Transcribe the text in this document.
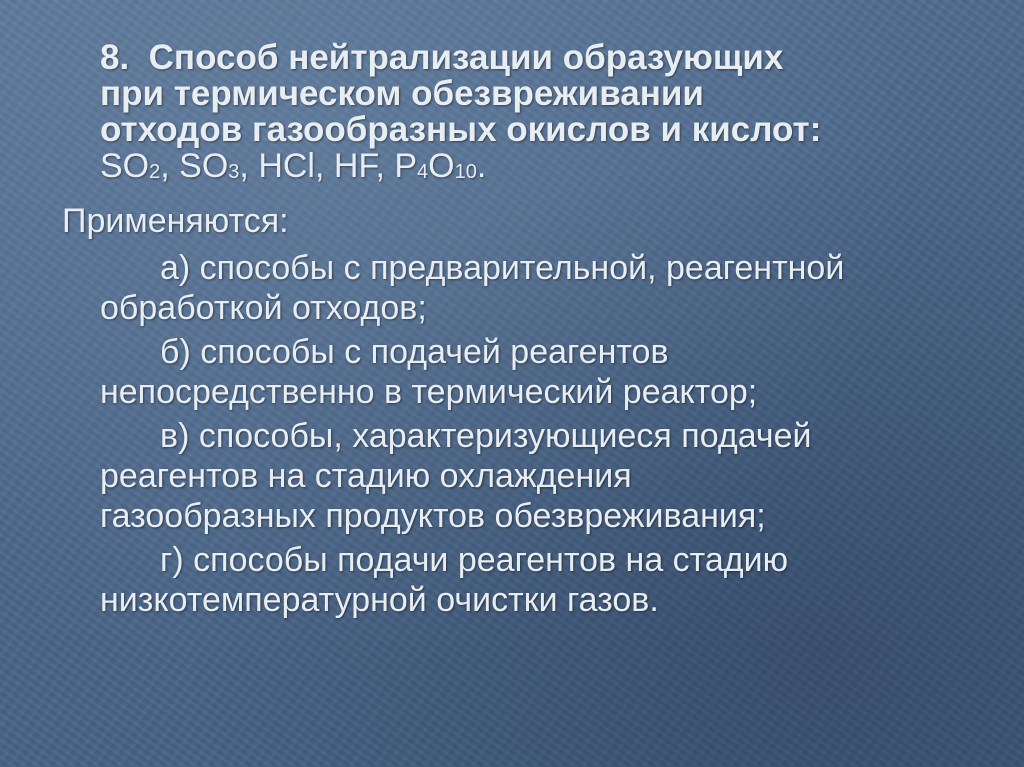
8. Способ нейтрализации образующих
при термическом обезвреживании
отходов газообразных окислов и кислот:
$SO_2$, $SO_3$, HCl, HF, $P_4O_{10}$.
Применяются:
а) способы с предварительной, реагентной
обработкой отходов;
б) способы с подачей реагентов
непосредственно в термический реактор;
в) способы, характеризующиеся подачей
реагентов на стадию охлаждения
газообразных продуктов обезвреживания;
г) способы подачи реагентов на стадию
низкотемпературной очистки газов.
